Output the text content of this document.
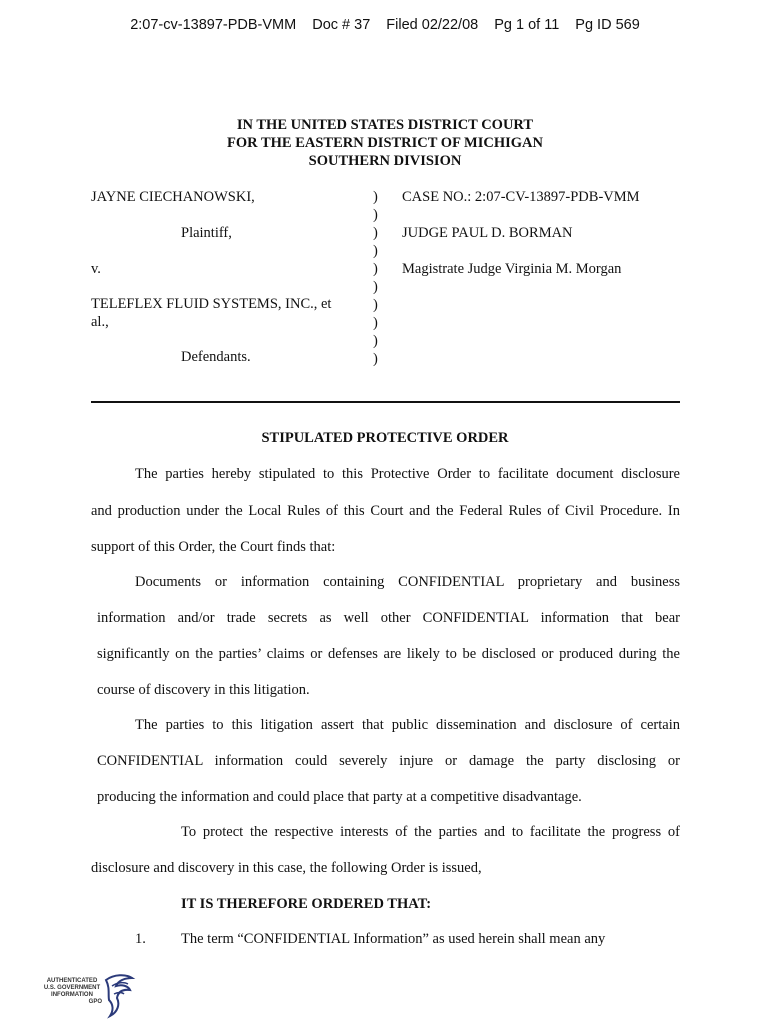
2:07-cv-13897-PDB-VMM Doc # 37 Filed 02/22/08 Pg 1 of 11 Pg ID 569
IN THE UNITED STATES DISTRICT COURT
FOR THE EASTERN DISTRICT OF MICHIGAN
SOUTHERN DIVISION
JAYNE CIECHANOWSKI,
Plaintiff,
v.
TELEFLEX FLUID SYSTEMS, INC., et
al.,
Defendants.
)
)
)
)
)
)
)
)
)
)
CASE NO.: 2:07-CV-13897-PDB-VMM
JUDGE PAUL D. BORMAN
Magistrate Judge Virginia M. Morgan
STIPULATED PROTECTIVE ORDER
The parties hereby stipulated to this Protective Order to facilitate document disclosure
and production under the Local Rules of this Court and the Federal Rules of Civil Procedure. In
support of this Order, the Court finds that:
Documents or information containing CONFIDENTIAL proprietary and business
information and/or trade secrets as well other CONFIDENTIAL information that bear
significantly on the parties’ claims or defenses are likely to be disclosed or produced during the
course of discovery in this litigation.
The parties to this litigation assert that public dissemination and disclosure of certain
CONFIDENTIAL information could severely injure or damage the party disclosing or
producing the information and could place that party at a competitive disadvantage.
To protect the respective interests of the parties and to facilitate the progress of
disclosure and discovery in this case, the following Order is issued,
IT IS THEREFORE ORDERED THAT:
1. The term “CONFIDENTIAL Information” as used herein shall mean any
AUTHENTICATED
U.S. GOVERNMENT
INFORMATION
GPO
